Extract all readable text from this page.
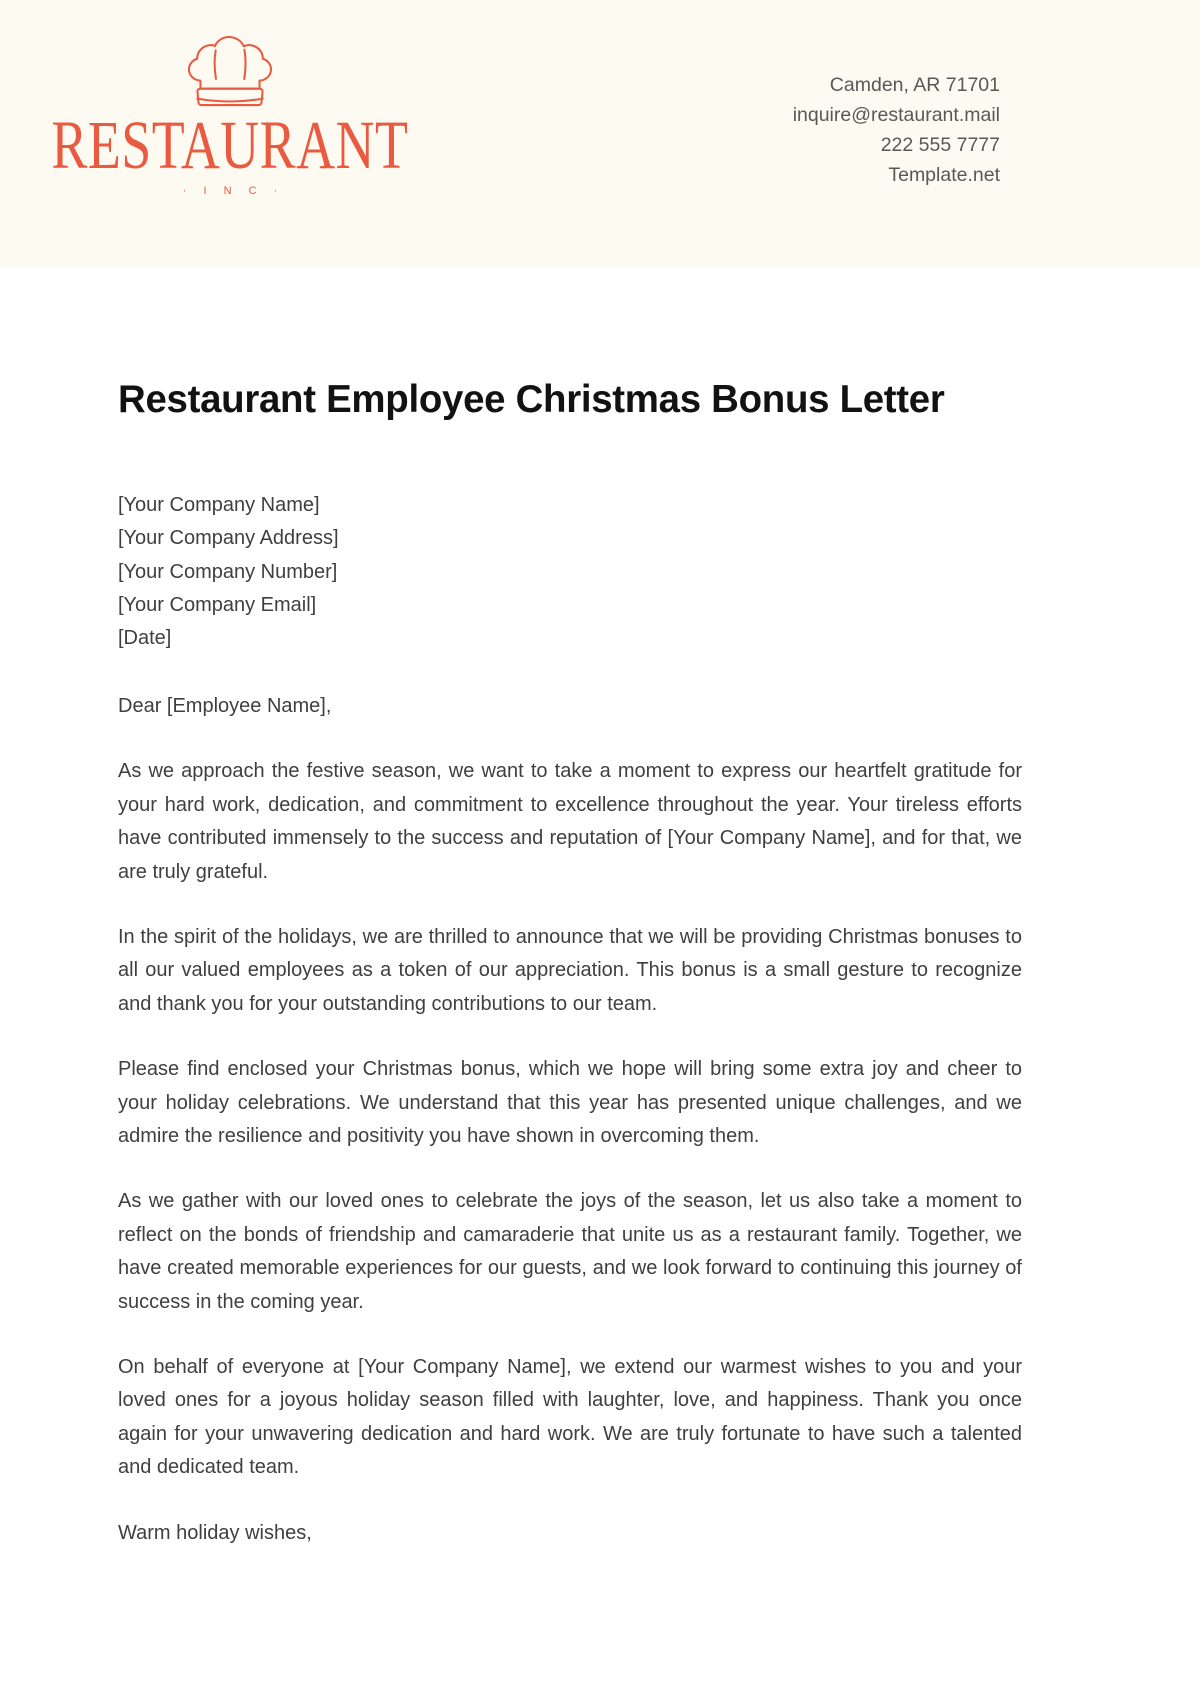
RESTAURANT
· I N C ·
Camden, AR 71701
inquire@restaurant.mail
222 555 7777
Template.net
Restaurant Employee Christmas Bonus Letter
[Your Company Name]
[Your Company Address]
[Your Company Number]
[Your Company Email]
[Date]

Dear [Employee Name],

As we approach the festive season, we want to take a moment to express our heartfelt gratitude for your hard work, dedication, and commitment to excellence throughout the year. Your tireless efforts have contributed immensely to the success and reputation of [Your Company Name], and for that, we are truly grateful.

In the spirit of the holidays, we are thrilled to announce that we will be providing Christmas bonuses to all our valued employees as a token of our appreciation. This bonus is a small gesture to recognize and thank you for your outstanding contributions to our team.

Please find enclosed your Christmas bonus, which we hope will bring some extra joy and cheer to your holiday celebrations. We understand that this year has presented unique challenges, and we admire the resilience and positivity you have shown in overcoming them.

As we gather with our loved ones to celebrate the joys of the season, let us also take a moment to reflect on the bonds of friendship and camaraderie that unite us as a restaurant family. Together, we have created memorable experiences for our guests, and we look forward to continuing this journey of success in the coming year.

On behalf of everyone at [Your Company Name], we extend our warmest wishes to you and your loved ones for a joyous holiday season filled with laughter, love, and happiness. Thank you once again for your unwavering dedication and hard work. We are truly fortunate to have such a talented and dedicated team.

Warm holiday wishes,
